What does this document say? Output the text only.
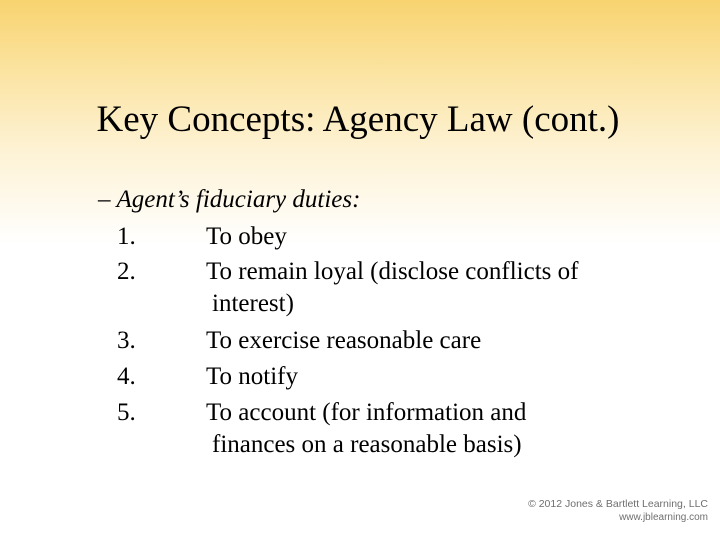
Key Concepts: Agency Law (cont.)
– Agent’s fiduciary duties:
1.	To obey
2.	To remain loyal (disclose conflicts of
interest)
3.	To exercise reasonable care
4.	To notify
5.	To account (for information and
finances on a reasonable basis)
© 2012 Jones & Bartlett Learning, LLC
www.jblearning.com
